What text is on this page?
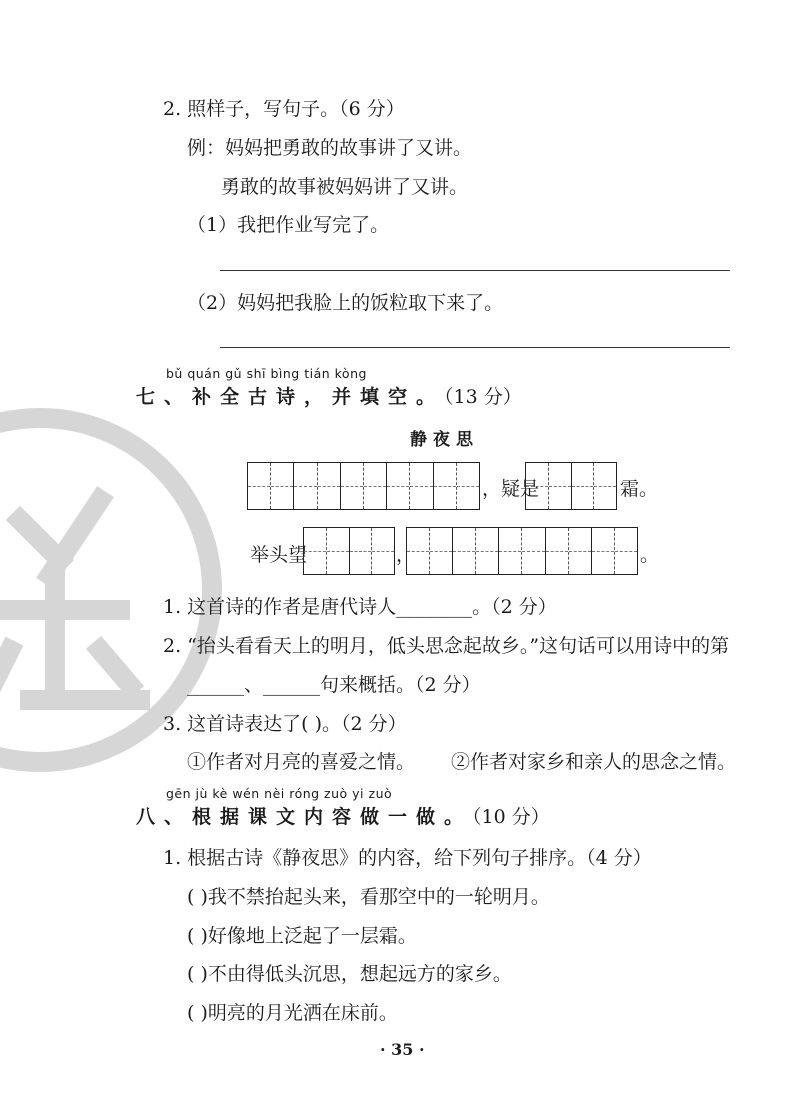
2. 照样子，写句子。（6 分）
例：妈妈把勇敢的故事讲了又讲。
勇敢的故事被妈妈讲了又讲。
（1）我把作业写完了。
（2）妈妈把我脸上的饭粒取下来了。
bǔ quán gǔ shī bìng tián kòng
七、补全古诗，并填空。（13 分）
静夜思
，疑是	霜。
举头望	，	。
1. 这首诗的作者是唐代诗人________。（2 分）
2. “抬头看看天上的明月，低头思念起故乡。”这句话可以用诗中的第
______、______句来概括。（2 分）
3. 这首诗表达了( )。（2 分）
①作者对月亮的喜爱之情。 ②作者对家乡和亲人的思念之情。
gēn jù kè wén nèi róng zuò yi zuò
八、根据课文内容做一做。（10 分）
1. 根据古诗《静夜思》的内容，给下列句子排序。（4 分）
( )我不禁抬起头来，看那空中的一轮明月。
( )好像地上泛起了一层霜。
( )不由得低头沉思，想起远方的家乡。
( )明亮的月光洒在床前。
· 35 ·
